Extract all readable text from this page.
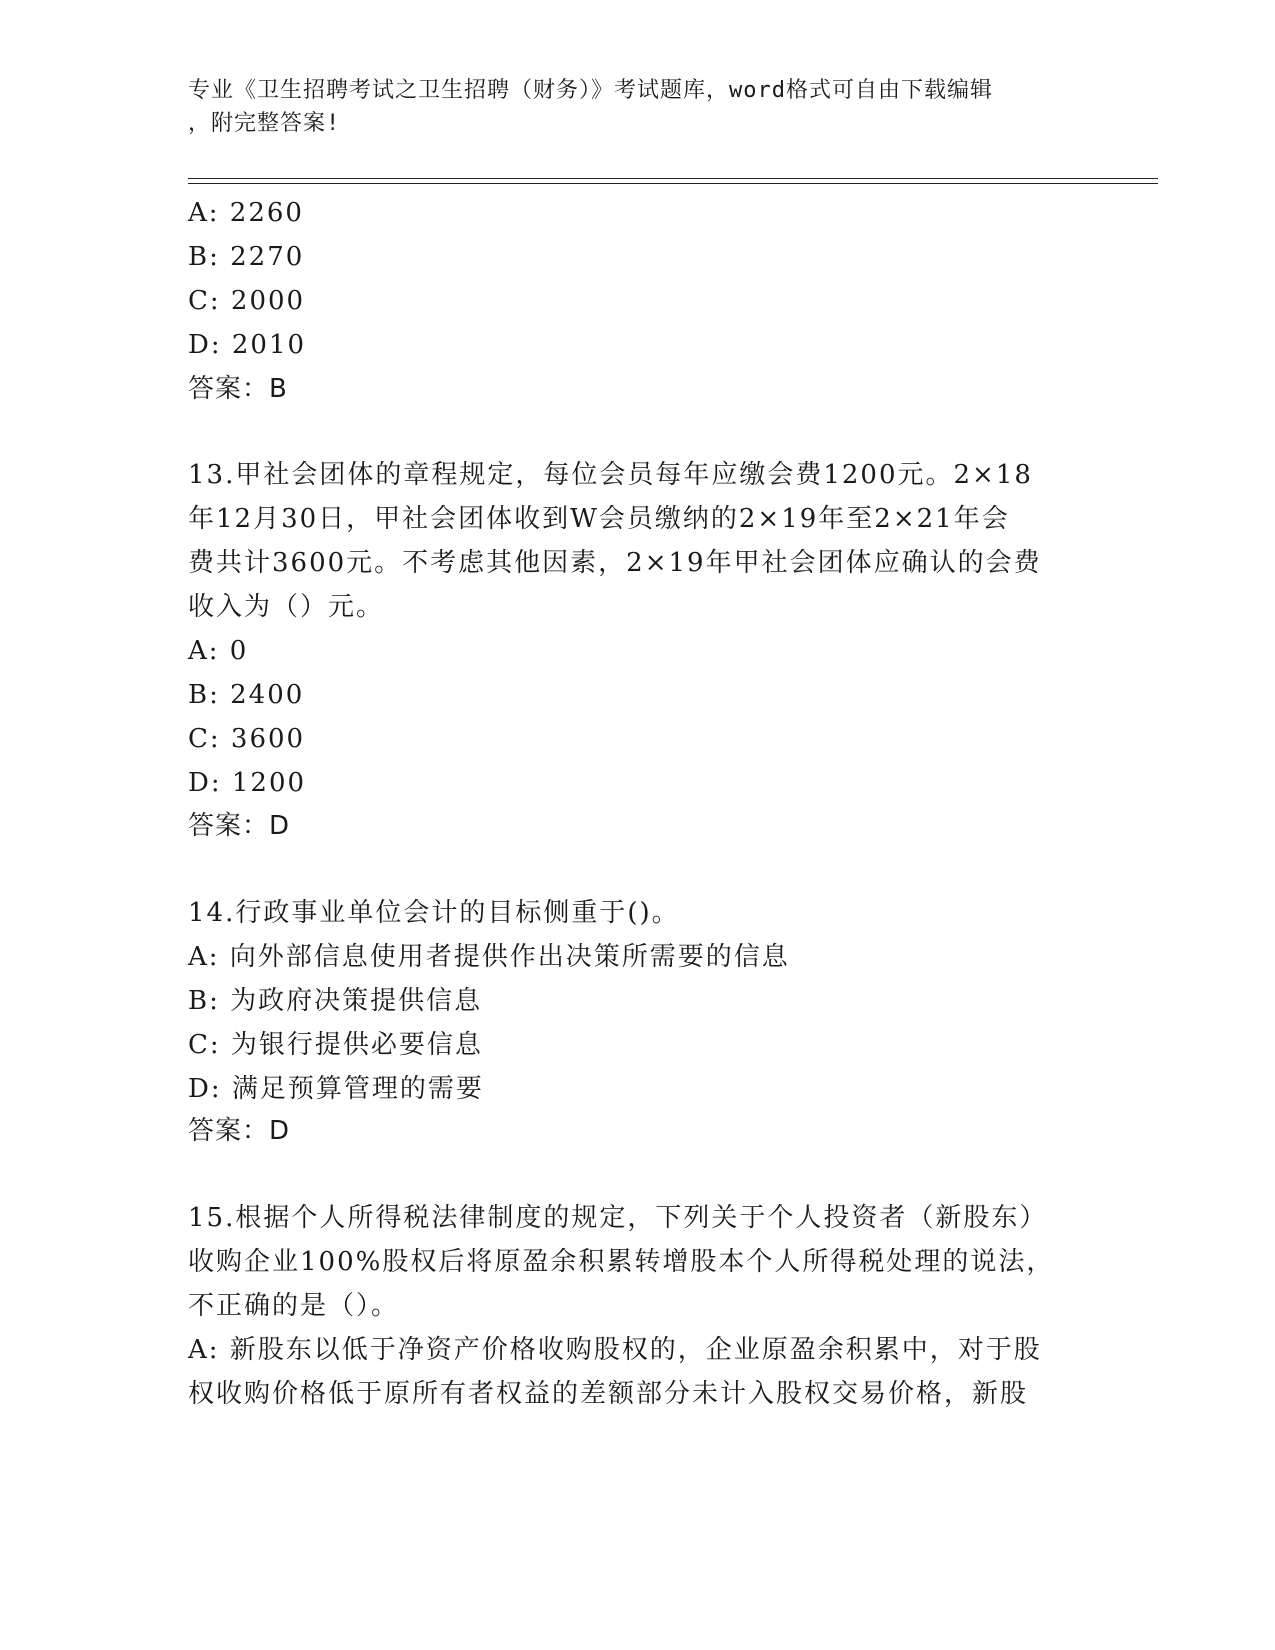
专业《卫生招聘考试之卫生招聘（财务）》考试题库，word格式可自由下载编辑
，附完整答案!
A: 2260
B: 2270
C: 2000
D: 2010
答案：B
13.甲社会团体的章程规定，每位会员每年应缴会费1200元。2×18
年12月30日，甲社会团体收到W会员缴纳的2×19年至2×21年会
费共计3600元。不考虑其他因素，2×19年甲社会团体应确认的会费
收入为（）元。
A: 0
B: 2400
C: 3600
D: 1200
答案：D
14.行政事业单位会计的目标侧重于()。
A: 向外部信息使用者提供作出决策所需要的信息
B: 为政府决策提供信息
C: 为银行提供必要信息
D: 满足预算管理的需要
答案：D
15.根据个人所得税法律制度的规定，下列关于个人投资者（新股东）
收购企业100%股权后将原盈余积累转增股本个人所得税处理的说法，
不正确的是（）。
A: 新股东以低于净资产价格收购股权的，企业原盈余积累中，对于股
权收购价格低于原所有者权益的差额部分未计入股权交易价格，新股
